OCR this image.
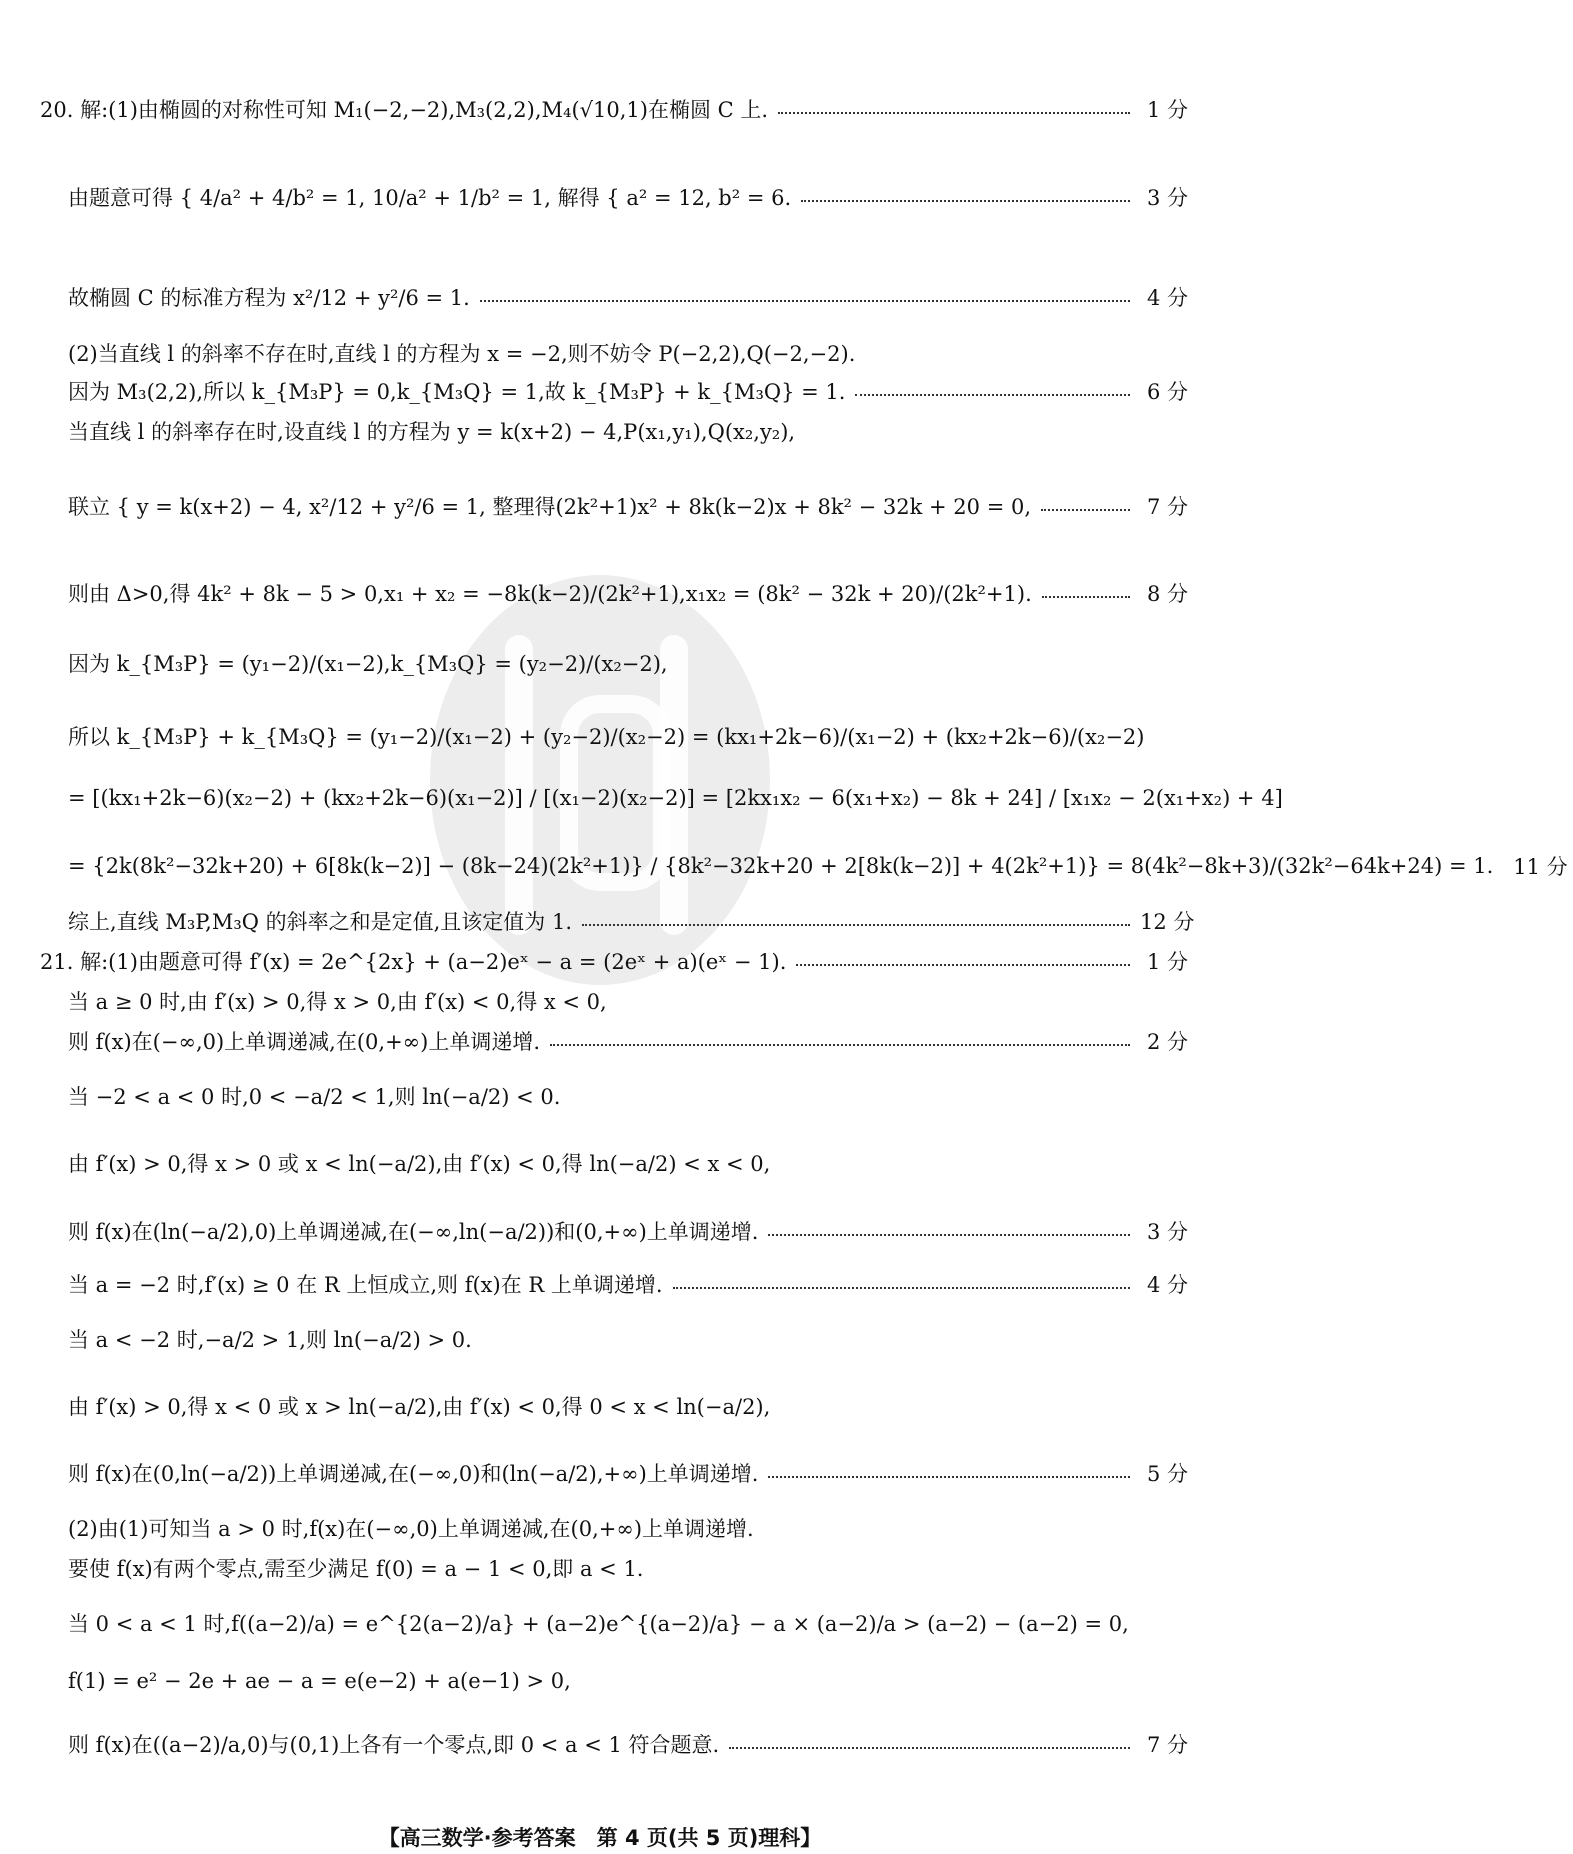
20. 解:(1)由椭圆的对称性可知 M₁(−2,−2),M₃(2,2),M₄(√10,1)在椭圆 C 上.	1 分
由题意可得 { 4/a² + 4/b² = 1, 10/a² + 1/b² = 1, 解得 { a² = 12, b² = 6.	3 分
故椭圆 C 的标准方程为 x²/12 + y²/6 = 1.	4 分
(2)当直线 l 的斜率不存在时,直线 l 的方程为 x = −2,则不妨令 P(−2,2),Q(−2,−2).
因为 M₃(2,2),所以 k_{M₃P} = 0,k_{M₃Q} = 1,故 k_{M₃P} + k_{M₃Q} = 1.	6 分
当直线 l 的斜率存在时,设直线 l 的方程为 y = k(x+2) − 4,P(x₁,y₁),Q(x₂,y₂),
联立 { y = k(x+2) − 4, x²/12 + y²/6 = 1, 整理得(2k²+1)x² + 8k(k−2)x + 8k² − 32k + 20 = 0,	7 分
则由 Δ>0,得 4k² + 8k − 5 > 0,x₁ + x₂ = −8k(k−2)/(2k²+1),x₁x₂ = (8k² − 32k + 20)/(2k²+1).	8 分
因为 k_{M₃P} = (y₁−2)/(x₁−2),k_{M₃Q} = (y₂−2)/(x₂−2),
所以 k_{M₃P} + k_{M₃Q} = (y₁−2)/(x₁−2) + (y₂−2)/(x₂−2) = (kx₁+2k−6)/(x₁−2) + (kx₂+2k−6)/(x₂−2)
= [(kx₁+2k−6)(x₂−2) + (kx₂+2k−6)(x₁−2)] / [(x₁−2)(x₂−2)] = [2kx₁x₂ − 6(x₁+x₂) − 8k + 24] / [x₁x₂ − 2(x₁+x₂) + 4]
= {2k(8k²−32k+20) + 6[8k(k−2)] − (8k−24)(2k²+1)} / {8k²−32k+20 + 2[8k(k−2)] + 4(2k²+1)} = 8(4k²−8k+3)/(32k²−64k+24) = 1. 11 分
综上,直线 M₃P,M₃Q 的斜率之和是定值,且该定值为 1.	12 分
21. 解:(1)由题意可得 f′(x) = 2e^{2x} + (a−2)eˣ − a = (2eˣ + a)(eˣ − 1).	1 分
当 a ≥ 0 时,由 f′(x) > 0,得 x > 0,由 f′(x) < 0,得 x < 0,
则 f(x)在(−∞,0)上单调递减,在(0,+∞)上单调递增.	2 分
当 −2 < a < 0 时,0 < −a/2 < 1,则 ln(−a/2) < 0.
由 f′(x) > 0,得 x > 0 或 x < ln(−a/2),由 f′(x) < 0,得 ln(−a/2) < x < 0,
则 f(x)在(ln(−a/2),0)上单调递减,在(−∞,ln(−a/2))和(0,+∞)上单调递增.	3 分
当 a = −2 时,f′(x) ≥ 0 在 R 上恒成立,则 f(x)在 R 上单调递增.	4 分
当 a < −2 时,−a/2 > 1,则 ln(−a/2) > 0.
由 f′(x) > 0,得 x < 0 或 x > ln(−a/2),由 f′(x) < 0,得 0 < x < ln(−a/2),
则 f(x)在(0,ln(−a/2))上单调递减,在(−∞,0)和(ln(−a/2),+∞)上单调递增.	5 分
(2)由(1)可知当 a > 0 时,f(x)在(−∞,0)上单调递减,在(0,+∞)上单调递增.
要使 f(x)有两个零点,需至少满足 f(0) = a − 1 < 0,即 a < 1.
当 0 < a < 1 时,f((a−2)/a) = e^{2(a−2)/a} + (a−2)e^{(a−2)/a} − a × (a−2)/a > (a−2) − (a−2) = 0,
f(1) = e² − 2e + ae − a = e(e−2) + a(e−1) > 0,
则 f(x)在((a−2)/a,0)与(0,1)上各有一个零点,即 0 < a < 1 符合题意.	7 分
【高三数学·参考答案　第 4 页(共 5 页)理科】
